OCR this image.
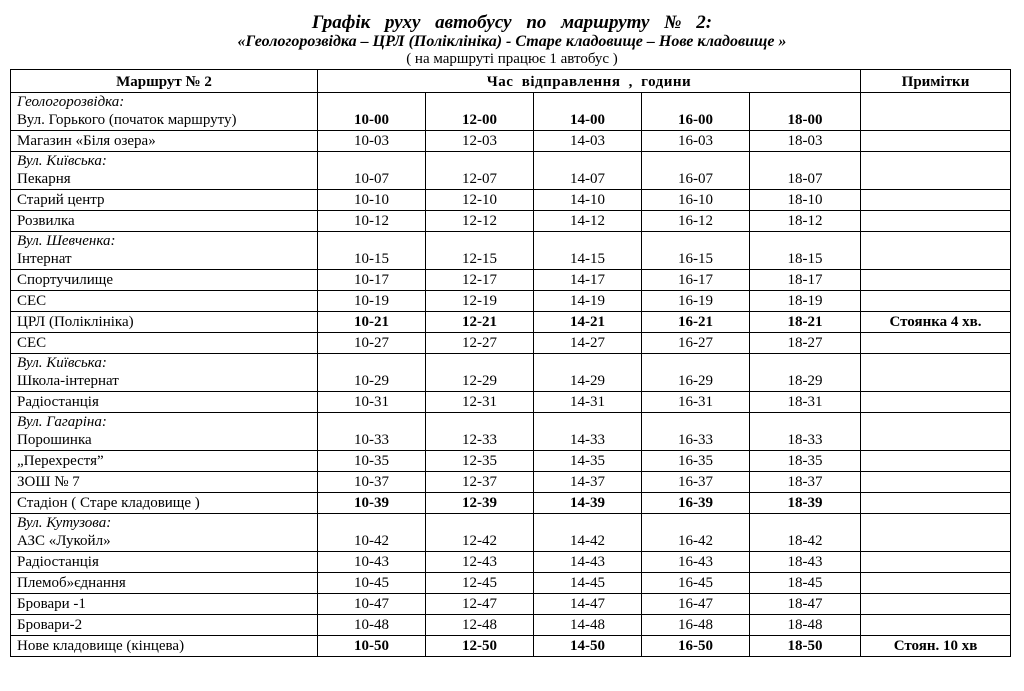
Графік руху автобусу по маршруту № 2:
«Геологорозвідка – ЦРЛ (Поліклініка) - Старе кладовище – Нове кладовище »
( на маршруті працює 1 автобус )
Маршрут № 2	Час відправлення , години					Примітки

Геологорозвідка:
Вул. Горького (початок маршруту)	10-00	12-00	14-00	16-00	18-00	

Магазин «Біля озера»	10-03	12-03	14-03	16-03	18-03	

Вул. Київська:
Пекарня	10-07	12-07	14-07	16-07	18-07	

Старий центр	10-10	12-10	14-10	16-10	18-10	

Розвилка	10-12	12-12	14-12	16-12	18-12	

Вул. Шевченка:
Інтернат	10-15	12-15	14-15	16-15	18-15	

Спортучилище	10-17	12-17	14-17	16-17	18-17	

СЕС	10-19	12-19	14-19	16-19	18-19	

ЦРЛ (Поліклініка)	10-21	12-21	14-21	16-21	18-21	Стоянка 4 хв.

СЕС	10-27	12-27	14-27	16-27	18-27	

Вул. Київська:
Школа-інтернат	10-29	12-29	14-29	16-29	18-29	

Радіостанція	10-31	12-31	14-31	16-31	18-31	

Вул. Гагаріна:
Порошинка	10-33	12-33	14-33	16-33	18-33	

„Перехрестя”	10-35	12-35	14-35	16-35	18-35	

ЗОШ № 7	10-37	12-37	14-37	16-37	18-37	

Стадіон ( Старе кладовище )	10-39	12-39	14-39	16-39	18-39	

Вул. Кутузова:
АЗС «Лукойл»	10-42	12-42	14-42	16-42	18-42	

Радіостанція	10-43	12-43	14-43	16-43	18-43	

Племоб»єднання	10-45	12-45	14-45	16-45	18-45	

Бровари -1	10-47	12-47	14-47	16-47	18-47	

Бровари-2	10-48	12-48	14-48	16-48	18-48	

Нове кладовище (кінцева)	10-50	12-50	14-50	16-50	18-50	Стоян. 10 хв
